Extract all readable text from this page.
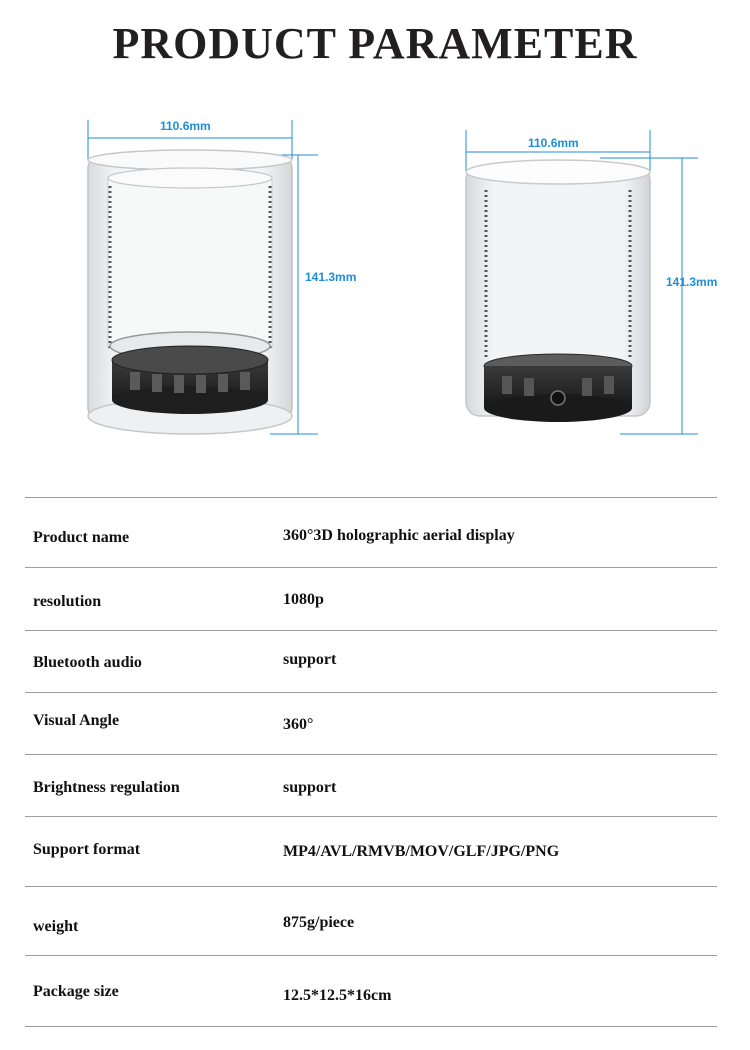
PRODUCT PARAMETER
110.6mm
141.3mm
110.6mm
141.3mm
Product name	360°3D holographic aerial display
resolution	1080p
Bluetooth audio	support
Visual Angle	360°
Brightness regulation	support
Support format	MP4/AVL/RMVB/MOV/GLF/JPG/PNG
weight	875g/piece
Package size	12.5*12.5*16cm
